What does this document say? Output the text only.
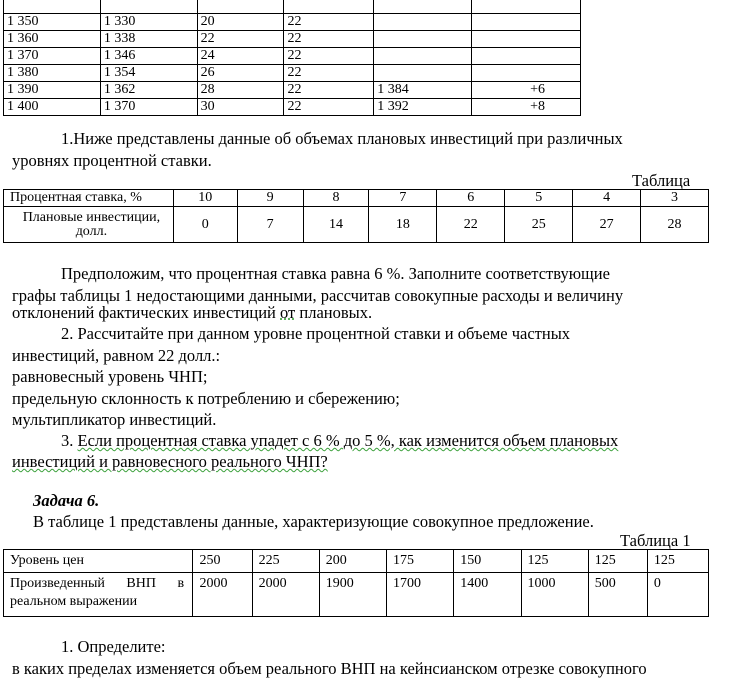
1 350	1 330	20	22		
1 360	1 338	22	22		
1 370	1 346	24	22		
1 380	1 354	26	22		
1 390	1 362	28	22	1 384	+6
1 400	1 370	30	22	1 392	+8
1.Ниже представлены данные об объемах плановых инвестиций при различных
уровнях процентной ставки.
Таблица
Процентная ставка, %	10	9	8	7	6	5	4	3
Плановые инвестиции,
долл.	0	7	14	18	22	25	27	28
Предположим, что процентная ставка равна 6 %. Заполните соответствующие
графы таблицы 1 недостающими данными, рассчитав совокупные расходы и величину
отклонений фактических инвестиций от плановых.
2. Рассчитайте при данном уровне процентной ставки и объеме частных
инвестиций, равном 22 долл.:
равновесный уровень ЧНП;
предельную склонность к потреблению и сбережению;
мультипликатор инвестиций.
3. Если процентная ставка упадет с 6 % до 5 %, как изменится объем плановых
инвестиций и равновесного реального ЧНП?
Задача 6.
В таблице 1 представлены данные, характеризующие совокупное предложение.
Таблица 1
Уровень цен	250	225	200	175	150	125	125	125

Произведенный ВНП в
реальном выражении	2000	2000	1900	1700	1400	1000	500	0
1. Определите:
в каких пределах изменяется объем реального ВНП на кейнсианском отрезке совокупного
